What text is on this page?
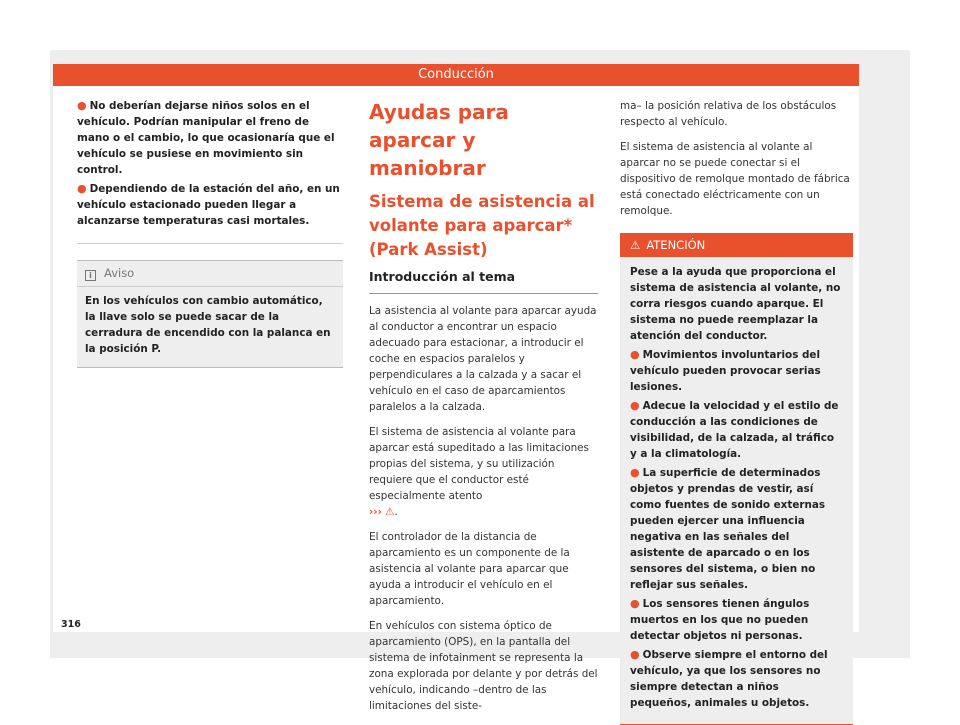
Conducción
● No deberían dejarse niños solos en el vehículo. Podrían manipular el freno de mano o el cambio, lo que ocasionaría que el vehículo se pusiese en movimiento sin control.
● Dependiendo de la estación del año, en un vehículo estacionado pueden llegar a alcanzarse temperaturas casi mortales.
i Aviso
En los vehículos con cambio automático, la llave solo se puede sacar de la cerradura de encendido con la palanca en la posición P.
Ayudas para aparcar y maniobrar
Sistema de asistencia al volante para aparcar* (Park Assist)
Introducción al tema

La asistencia al volante para aparcar ayuda al conductor a encontrar un espacio adecuado para estacionar, a introducir el coche en espacios paralelos y perpendiculares a la calzada y a sacar el vehículo en el caso de aparcamientos paralelos a la calzada.

El sistema de asistencia al volante para aparcar está supeditado a las limitaciones propias del sistema, y su utilización requiere que el conductor esté especialmente atento
››› ⚠.

El controlador de la distancia de aparcamiento es un componente de la asistencia al volante para aparcar que ayuda a introducir el vehículo en el aparcamiento.

En vehículos con sistema óptico de aparcamiento (OPS), en la pantalla del sistema de infotainment se representa la zona explorada por delante y por detrás del vehículo, indicando –dentro de las limitaciones del siste-

ma– la posición relativa de los obstáculos respecto al vehículo.

El sistema de asistencia al volante al aparcar no se puede conectar si el dispositivo de remolque montado de fábrica está conectado eléctricamente con un remolque.

⚠ ATENCIÓN
Pese a la ayuda que proporciona el sistema de asistencia al volante, no corra riesgos cuando aparque. El sistema no puede reemplazar la atención del conductor.
● Movimientos involuntarios del vehículo pueden provocar serias lesiones.
● Adecue la velocidad y el estilo de conducción a las condiciones de visibilidad, de la calzada, al tráfico y a la climatología.
● La superficie de determinados objetos y prendas de vestir, así como fuentes de sonido externas pueden ejercer una influencia negativa en las señales del asistente de aparcado o en los sensores del sistema, o bien no reflejar sus señales.
● Los sensores tienen ángulos muertos en los que no pueden detectar objetos ni personas.
● Observe siempre el entorno del vehículo, ya que los sensores no siempre detectan a niños pequeños, animales u objetos.
316
